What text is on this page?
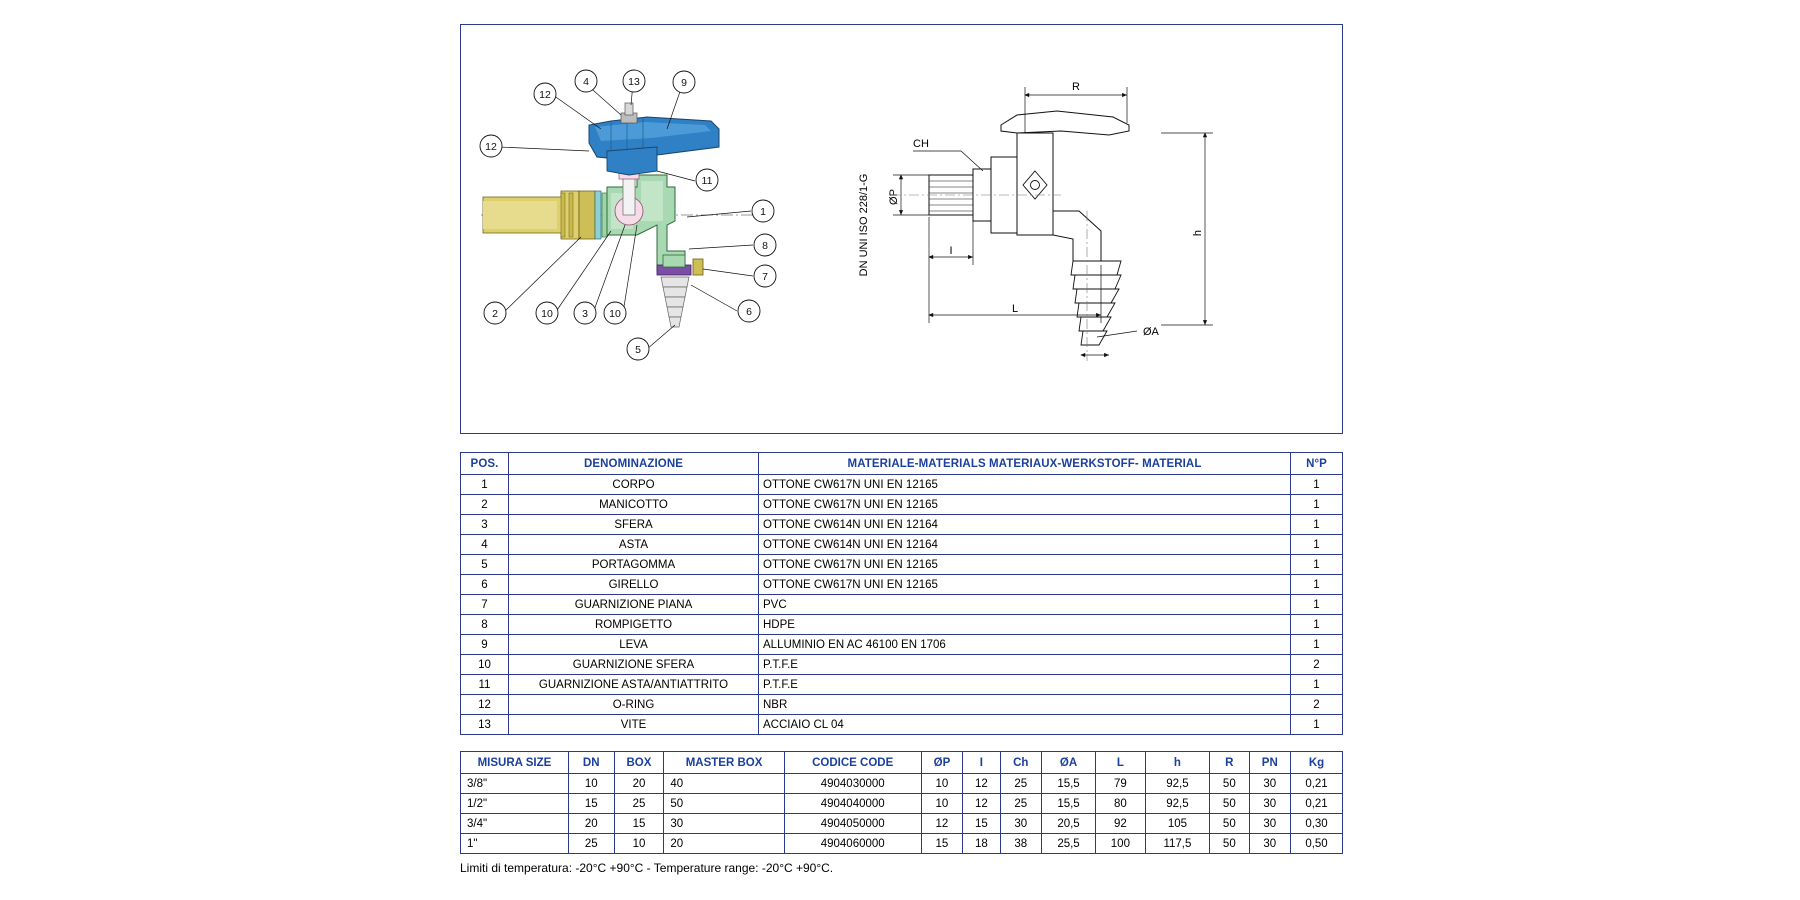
12
4	13	9
12
11
1
8
7
6
2	10	3 10
5
R
CH
ØP
DN UNI ISO 228/1-G	I
h
L
ØA
POS.	DENOMINAZIONE	MATERIALE-MATERIALS MATERIAUX-WERKSTOFF- MATERIAL	N°P
1	CORPO	OTTONE CW617N UNI EN 12165	1
2	MANICOTTO	OTTONE CW617N UNI EN 12165	1
3	SFERA	OTTONE CW614N UNI EN 12164	1
4	ASTA	OTTONE CW614N UNI EN 12164	1
5	PORTAGOMMA	OTTONE CW617N UNI EN 12165	1
6	GIRELLO	OTTONE CW617N UNI EN 12165	1
7	GUARNIZIONE PIANA	PVC	1
8	ROMPIGETTO	HDPE	1
9	LEVA	ALLUMINIO EN AC 46100 EN 1706	1
10	GUARNIZIONE SFERA	P.T.F.E	2
11	GUARNIZIONE ASTA/ANTIATTRITO	P.T.F.E	1
12	O-RING	NBR	2
13	VITE	ACCIAIO CL 04	1
MISURA SIZE	DN	BOX	MASTER BOX	CODICE CODE	ØP	I	Ch	ØA	L	h	R	PN	Kg
3/8"	10	20	40	4904030000	10	12	25	15,5	79	92,5	50	30	0,21
1/2"	15	25	50	4904040000	10	12	25	15,5	80	92,5	50	30	0,21
3/4"	20	15	30	4904050000	12	15	30	20,5	92	105	50	30	0,30
1"	25	10	20	4904060000	15	18	38	25,5	100	117,5	50	30	0,50
Limiti di temperatura: -20°C +90°C - Temperature range: -20°C +90°C.
